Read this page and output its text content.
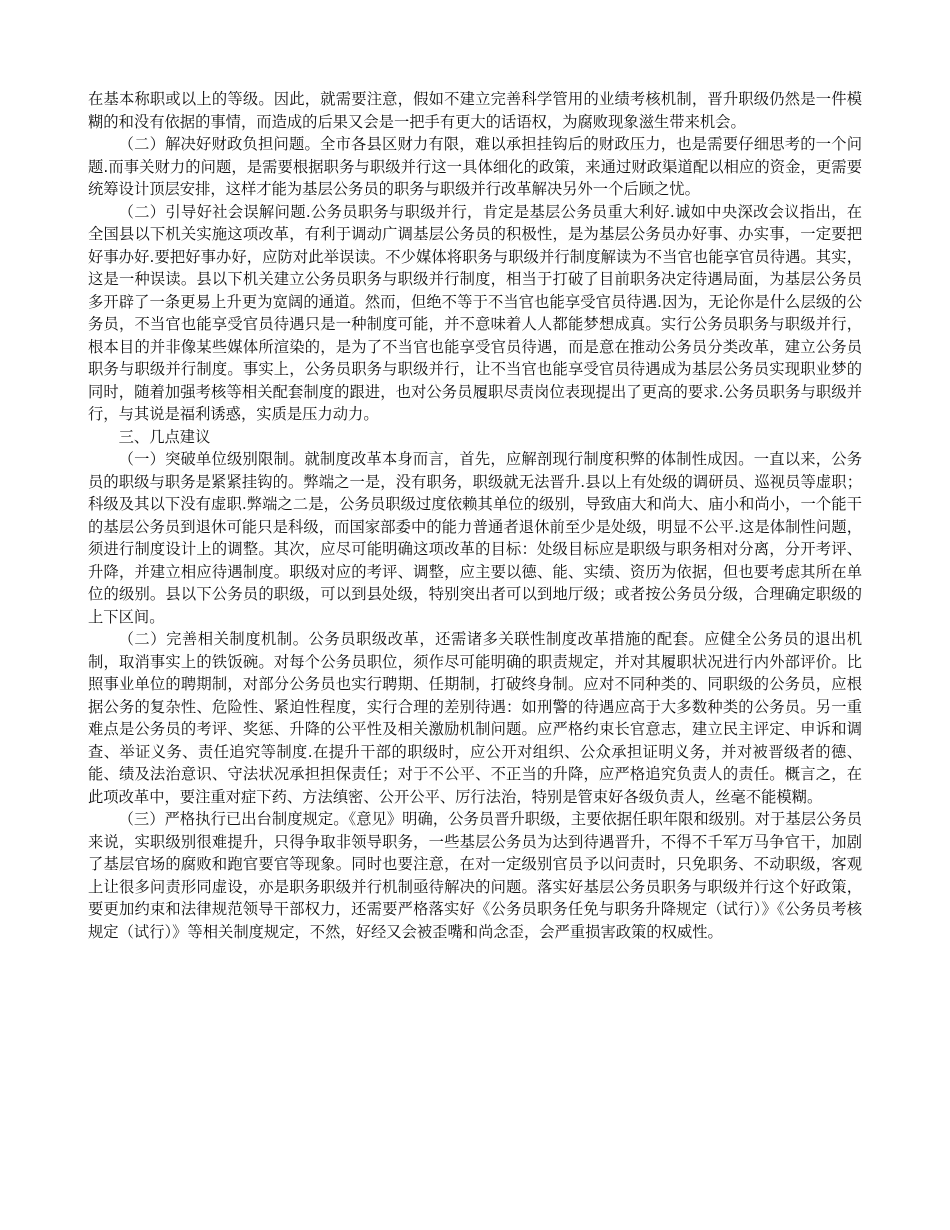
在基本称职或以上的等级。因此，就需要注意，假如不建立完善科学管用的业绩考核机制，晋升职级仍然是一件模糊的和没有依据的事情，而造成的后果又会是一把手有更大的话语权，为腐败现象滋生带来机会。

（二）解决好财政负担问题。全市各县区财力有限，难以承担挂钩后的财政压力，也是需要仔细思考的一个问题.而事关财力的问题，是需要根据职务与职级并行这一具体细化的政策，来通过财政渠道配以相应的资金，更需要统筹设计顶层安排，这样才能为基层公务员的职务与职级并行改革解决另外一个后顾之忧。

（二）引导好社会误解问题.公务员职务与职级并行，肯定是基层公务员重大利好.诚如中央深改会议指出，在全国县以下机关实施这项改革，有利于调动广调基层公务员的积极性，是为基层公务员办好事、办实事，一定要把好事办好.要把好事办好，应防对此举误读。不少媒体将职务与职级并行制度解读为不当官也能享官员待遇。其实，这是一种误读。县以下机关建立公务员职务与职级并行制度，相当于打破了目前职务决定待遇局面，为基层公务员多开辟了一条更易上升更为宽阔的通道。然而，但绝不等于不当官也能享受官员待遇.因为，无论你是什么层级的公务员，不当官也能享受官员待遇只是一种制度可能，并不意味着人人都能梦想成真。实行公务员职务与职级并行，根本目的并非像某些媒体所渲染的，是为了不当官也能享受官员待遇，而是意在推动公务员分类改革，建立公务员职务与职级并行制度。事实上，公务员职务与职级并行，让不当官也能享受官员待遇成为基层公务员实现职业梦的同时，随着加强考核等相关配套制度的跟进，也对公务员履职尽责岗位表现提出了更高的要求.公务员职务与职级并行，与其说是福利诱惑，实质是压力动力。

三、几点建议

（一）突破单位级别限制。就制度改革本身而言，首先，应解剖现行制度积弊的体制性成因。一直以来，公务员的职级与职务是紧紧挂钩的。弊端之一是，没有职务，职级就无法晋升.县以上有处级的调研员、巡视员等虚职；科级及其以下没有虚职.弊端之二是，公务员职级过度依赖其单位的级别，导致庙大和尚大、庙小和尚小，一个能干的基层公务员到退休可能只是科级，而国家部委中的能力普通者退休前至少是处级，明显不公平.这是体制性问题，须进行制度设计上的调整。其次，应尽可能明确这项改革的目标：处级目标应是职级与职务相对分离，分开考评、升降，并建立相应待遇制度。职级对应的考评、调整，应主要以德、能、实绩、资历为依据，但也要考虑其所在单位的级别。县以下公务员的职级，可以到县处级，特别突出者可以到地厅级；或者按公务员分级，合理确定职级的上下区间。

（二）完善相关制度机制。公务员职级改革，还需诸多关联性制度改革措施的配套。应健全公务员的退出机制，取消事实上的铁饭碗。对每个公务员职位，须作尽可能明确的职责规定，并对其履职状况进行内外部评价。比照事业单位的聘期制，对部分公务员也实行聘期、任期制，打破终身制。应对不同种类的、同职级的公务员，应根据公务的复杂性、危险性、紧迫性程度，实行合理的差别待遇：如刑警的待遇应高于大多数种类的公务员。另一重难点是公务员的考评、奖惩、升降的公平性及相关激励机制问题。应严格约束长官意志，建立民主评定、申诉和调查、举证义务、责任追究等制度.在提升干部的职级时，应公开对组织、公众承担证明义务，并对被晋级者的德、能、绩及法治意识、守法状况承担担保责任；对于不公平、不正当的升降，应严格追究负责人的责任。概言之，在此项改革中，要注重对症下药、方法缜密、公开公平、厉行法治，特别是管束好各级负责人，丝毫不能模糊。

（三）严格执行已出台制度规定。《意见》明确，公务员晋升职级，主要依据任职年限和级别。对于基层公务员来说，实职级别很难提升，只得争取非领导职务，一些基层公务员为达到待遇晋升，不得不千军万马争官干，加剧了基层官场的腐败和跑官要官等现象。同时也要注意，在对一定级别官员予以问责时，只免职务、不动职级，客观上让很多问责形同虚设，亦是职务职级并行机制亟待解决的问题。落实好基层公务员职务与职级并行这个好政策，要更加约束和法律规范领导干部权力，还需要严格落实好《公务员职务任免与职务升降规定（试行）》《公务员考核规定（试行）》等相关制度规定，不然，好经又会被歪嘴和尚念歪，会严重损害政策的权威性。
